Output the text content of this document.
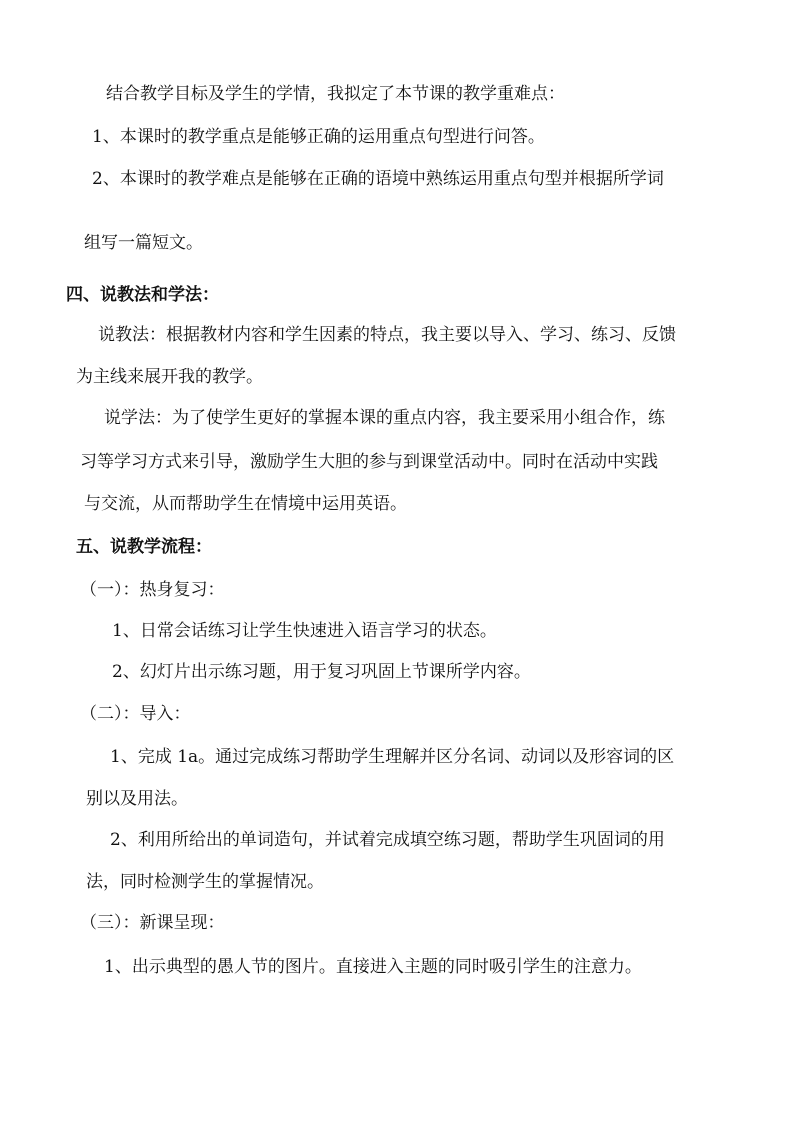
结合教学目标及学生的学情，我拟定了本节课的教学重难点：
1、本课时的教学重点是能够正确的运用重点句型进行问答。
2、本课时的教学难点是能够在正确的语境中熟练运用重点句型并根据所学词
组写一篇短文。
四、说教法和学法：
说教法：根据教材内容和学生因素的特点，我主要以导入、学习、练习、反馈
为主线来展开我的教学。
说学法：为了使学生更好的掌握本课的重点内容，我主要采用小组合作，练
习等学习方式来引导，激励学生大胆的参与到课堂活动中。同时在活动中实践
与交流，从而帮助学生在情境中运用英语。
五、说教学流程：
（一）：热身复习：
1、日常会话练习让学生快速进入语言学习的状态。
2、幻灯片出示练习题，用于复习巩固上节课所学内容。
（二）：导入：
1、完成 1a。通过完成练习帮助学生理解并区分名词、动词以及形容词的区
别以及用法。
2、利用所给出的单词造句，并试着完成填空练习题，帮助学生巩固词的用
法，同时检测学生的掌握情况。
（三）：新课呈现：
1、出示典型的愚人节的图片。直接进入主题的同时吸引学生的注意力。
